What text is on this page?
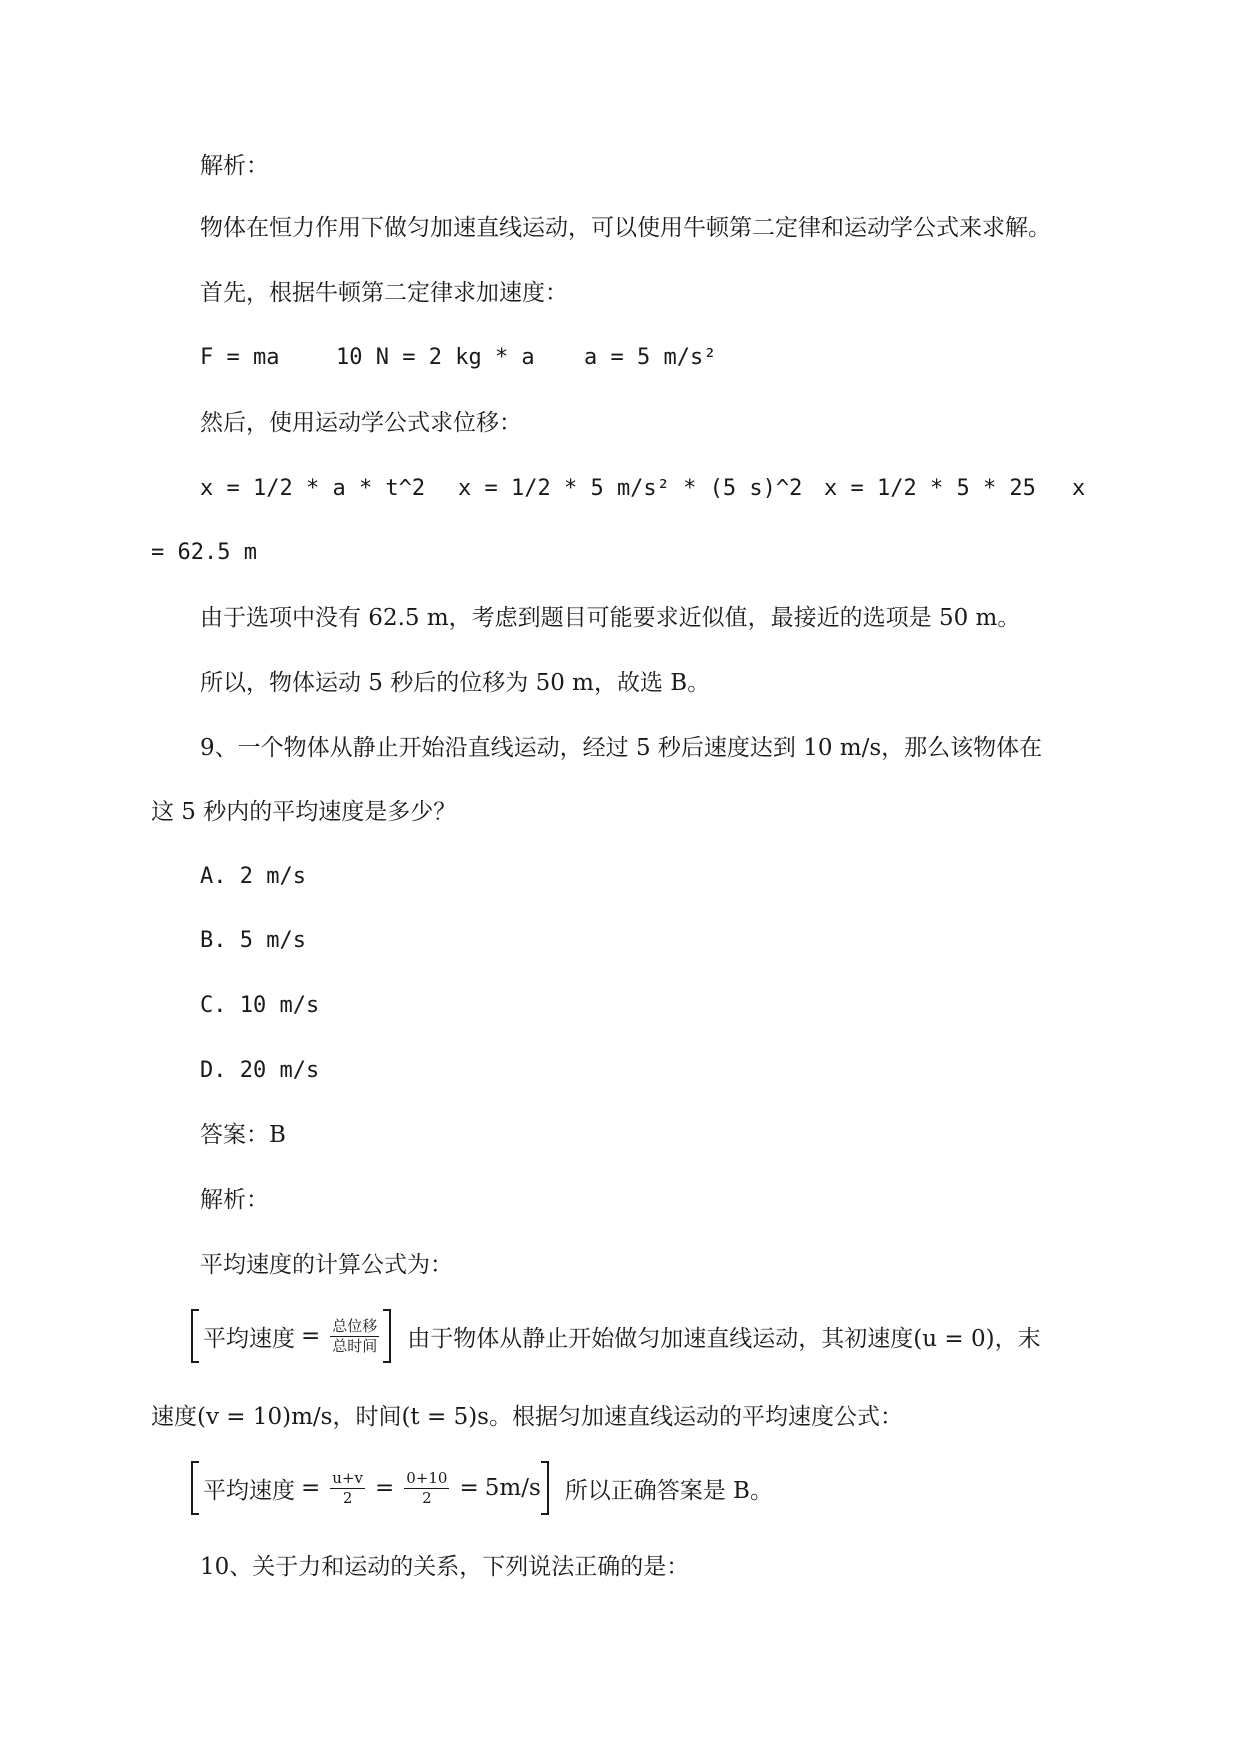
解析：
物体在恒力作用下做匀加速直线运动，可以使用牛顿第二定律和运动学公式来求解。
首先，根据牛顿第二定律求加速度：
F = ma	10 N = 2 kg * a a = 5 m/s²
然后，使用运动学公式求位移：
x = 1/2 * a * t^2 x = 1/2 * 5 m/s² * (5 s)^2 x = 1/2 * 5 * 25 x
= 62.5 m
由于选项中没有 62.5 m，考虑到题目可能要求近似值，最接近的选项是 50 m。
所以，物体运动 5 秒后的位移为 50 m，故选 B。
9、一个物体从静止开始沿直线运动，经过 5 秒后速度达到 10 m/s，那么该物体在
这 5 秒内的平均速度是多少？
A. 2 m/s
B. 5 m/s
C. 10 m/s
D. 20 m/s
答案：B
解析：
平均速度的计算公式为：
平均速度 = $\frac{\text{总位移}}{\text{总时间}}$ 由于物体从静止开始做匀加速直线运动，其初速度(u = 0)，末
速度(v = 10)m/s，时间(t = 5)s。根据匀加速直线运动的平均速度公式：
平均速度 = $\frac{u+v}{2} = \frac{0+10}{2} = 5m/s$ 所以正确答案是 B。
10、关于力和运动的关系，下列说法正确的是：
